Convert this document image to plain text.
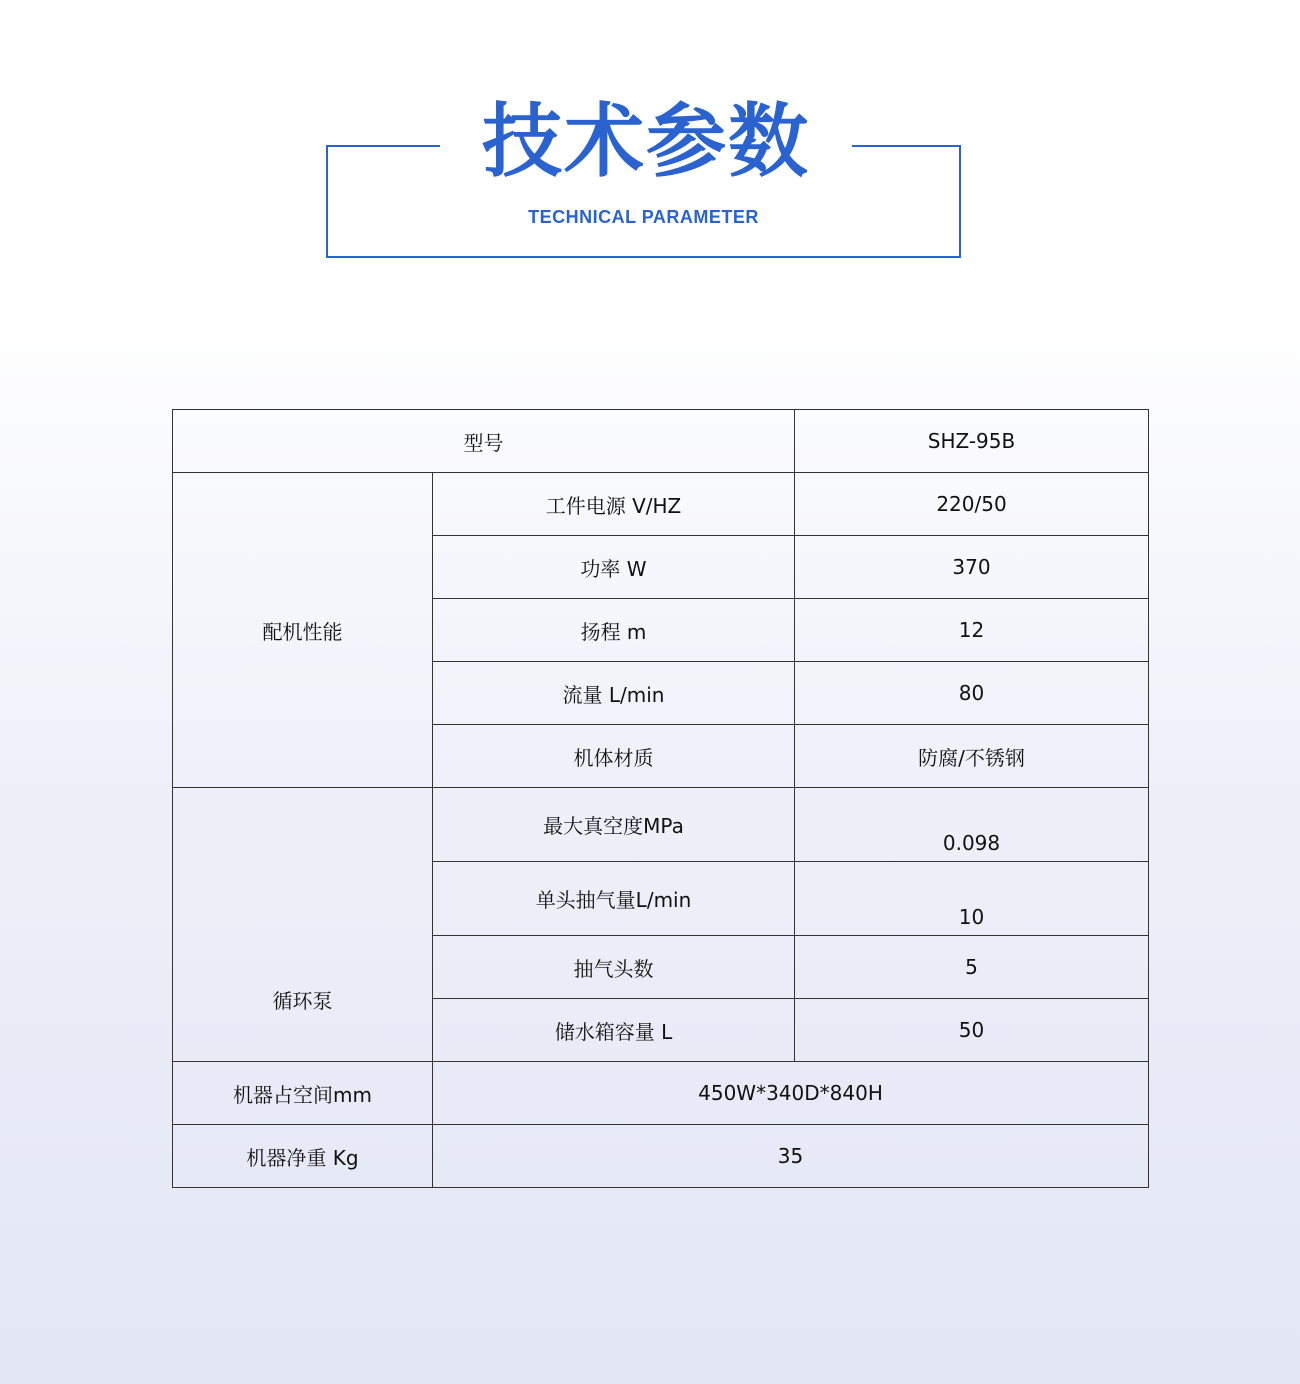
技术参数

TECHNICAL PARAMETER

型号		SHZ-95B
配机性能	工件电源 V/HZ	220/50
	功率 W	370
	扬程 m	12
	流量 L/min	80
	机体材质	防腐/不锈钢
循环泵	最大真空度MPa	0.098
	单头抽气量L/min	10
	抽气头数	5
	储水箱容量 L	50
机器占空间mm	450W*340D*840H	
机器净重 Kg	35	
